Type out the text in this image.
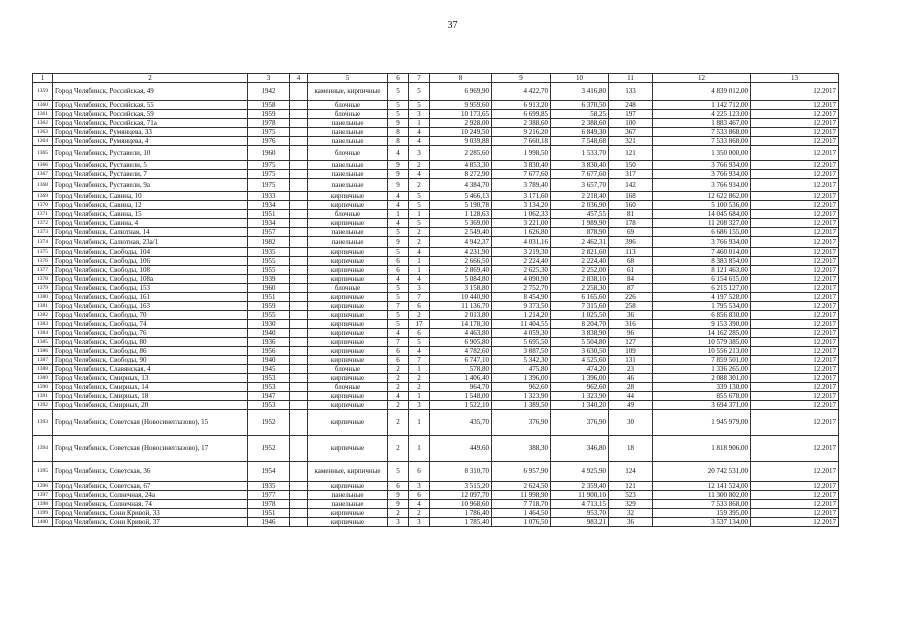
37
1	2	3	4	5	6	7	8	9	10	11	12	13
1359	Город Челябинск, Российская, 49	1942		каменные, кирпичные	5	5	6 969,90	4 422,70	3 416,80	133	4 839 012,00	12.2017
1360	Город Челябинск, Российская, 55	1958		блочные	5	5	9 959,60	6 913,20	6 370,50	248	1 142 712,00	12.2017
1361	Город Челябинск, Российская, 59	1959		блочные	5	3	10 173,65	6 699,85	58,25	197	4 225 123,00	12.2017
1362	Город Челябинск, Российская, 71а	1978		панельные	9	1	2 928,00	2 388,60	2 388,60	100	1 883 467,00	12.2017
1363	Город Челябинск, Румянцева, 33	1975		панельные	8	4	10 249,50	9 216,20	6 849,30	367	7 533 868,00	12.2017
1364	Город Челябинск, Румянцева, 4	1976		панельные	8	4	9 039,88	7 660,18	7 548,68	321	7 533 868,00	12.2017
1365	Город Челябинск, Руставели, 10	1960		блочные	4	3	2 285,60	1 998,50	1 533,70	121	1 350 000,00	12.2017
1366	Город Челябинск, Руставели, 5	1975		панельные	9	2	4 853,30	3 830,40	3 830,40	150	3 766 934,00	12.2017
1367	Город Челябинск, Руставели, 7	1975		панельные	9	4	8 272,90	7 677,60	7 677,60	317	3 766 934,00	12.2017
1368	Город Челябинск, Руставели, 9а	1975		панельные	9	2	4 384,70	3 789,40	3 657,70	142	3 766 934,00	12.2017
1369	Город Челябинск, Савина, 10	1933		кирпичные	4	5	5 466,13	3 171,60	2 218,40	168	12 622 862,00	12.2017
1370	Город Челябинск, Савина, 12	1934		кирпичные	4	5	5 190,78	3 134,20	2 036,90	160	5 100 536,00	12.2017
1371	Город Челябинск, Савина, 15	1951		блочные	1	1	1 128,63	1 062,33	457,55	81	14 045 684,00	12.2017
1372	Город Челябинск, Савина, 4	1934		кирпичные	4	5	5 369,00	3 221,00	1 989,90	178	11 208 327,00	12.2017
1373	Город Челябинск, Салютная, 14	1957		панельные	5	2	2 549,40	1 626,80	878,90	69	6 686 155,00	12.2017
1374	Город Челябинск, Салютная, 23а/1	1982		панельные	9	2	4 942,37	4 031,16	2 462,31	396	3 766 934,00	12.2017
1375	Город Челябинск, Свободы, 104	1935		кирпичные	5	4	4 231,90	3 219,30	2 821,60	113	7 460 014,00	12.2017
1376	Город Челябинск, Свободы, 106	1955		кирпичные	6	1	2 666,50	2 224,40	2 224,40	68	8 383 854,00	12.2017
1377	Город Челябинск, Свободы, 108	1955		кирпичные	6	1	2 869,40	2 625,30	2 252,00	61	8 121 463,00	12.2017
1378	Город Челябинск, Свободы, 108а	1939		кирпичные	4	4	5 084,80	4 090,90	2 838,10	84	6 154 615,00	12.2017
1379	Город Челябинск, Свободы, 153	1960		блочные	5	3	3 158,80	2 752,70	2 258,30	87	6 215 127,00	12.2017
1380	Город Челябинск, Свободы, 161	1951		кирпичные	5	7	10 440,90	8 454,90	6 165,60	226	4 197 528,00	12.2017
1381	Город Челябинск, Свободы, 163	1959		кирпичные	7	6	11 136,70	9 373,50	7 315,60	258	1 795 534,00	12.2017
1382	Город Челябинск, Свободы, 70	1955		кирпичные	5	2	2 013,80	1 214,20	1 025,50	36	6 856 830,00	12.2017
1383	Город Челябинск, Свободы, 74	1930		кирпичные	5	17	14 178,30	11 404,55	8 204,70	316	9 153 390,00	12.2017
1384	Город Челябинск, Свободы, 76	1940		кирпичные	4	6	4 463,80	4 059,30	3 838,90	96	14 162 285,00	12.2017
1385	Город Челябинск, Свободы, 80	1936		кирпичные	7	5	6 905,80	5 695,50	5 504,80	127	10 579 385,00	12.2017
1386	Город Челябинск, Свободы, 86	1956		кирпичные	6	4	4 782,60	3 887,50	3 630,50	109	10 556 213,00	12.2017
1387	Город Челябинск, Свободы, 90	1940		кирпичные	6	7	6 747,10	5 342,30	4 525,60	131	7 859 501,00	12.2017
1388	Город Челябинск, Славянская, 4	1945		блочные	2	1	578,80	475,80	474,20	23	1 336 265,00	12.2017
1389	Город Челябинск, Смирных, 13	1953		кирпичные	2	2	1 406,40	1 396,00	1 396,00	46	2 088 301,00	12.2017
1390	Город Челябинск, Смирных, 14	1953		блочные	2	2	964,70	962,60	962,60	28	339 130,00	12.2017
1391	Город Челябинск, Смирных, 18	1947		кирпичные	4	1	1 548,00	1 323,90	1 323,90	44	855 678,00	12.2017
1392	Город Челябинск, Смирных, 20	1953		кирпичные	2	3	1 522,10	1 389,50	1 340,20	49	3 694 371,00	12.2017
1393	Город Челябинск, Советская (Новосинеглазово), 15	1952		кирпичные	2	1	435,70	376,90	376,90	30	1 945 979,00	12.2017
1394	Город Челябинск, Советская (Новосинеглазово), 17	1952		кирпичные	2	1	449,60	388,30	346,80	18	1 818 906,00	12.2017
1395	Город Челябинск, Советская, 36	1954		каменные, кирпичные	5	6	8 310,70	6 957,90	4 925,90	124	20 742 531,00	12.2017
1396	Город Челябинск, Советская, 67	1935		кирпичные	6	3	3 515,20	2 624,50	2 359,40	121	12 141 524,00	12.2017
1397	Город Челябинск, Солнечная, 24а	1977		панельные	9	6	12 097,70	11 998,90	11 900,10	523	11 300 802,00	12.2017
1398	Город Челябинск, Солнечная, 74	1978		панельные	9	4	10 968,60	7 718,70	4 713,15	329	7 533 868,00	12.2017
1399	Город Челябинск, Сони Кривой, 33	1951		кирпичные	2	2	1 786,40	1 464,50	953,70	32	159 395,00	12.2017
1400	Город Челябинск, Сони Кривой, 37	1946		кирпичные	3	3	1 785,40	1 076,50	983,21	36	3 537 134,00	12.2017
